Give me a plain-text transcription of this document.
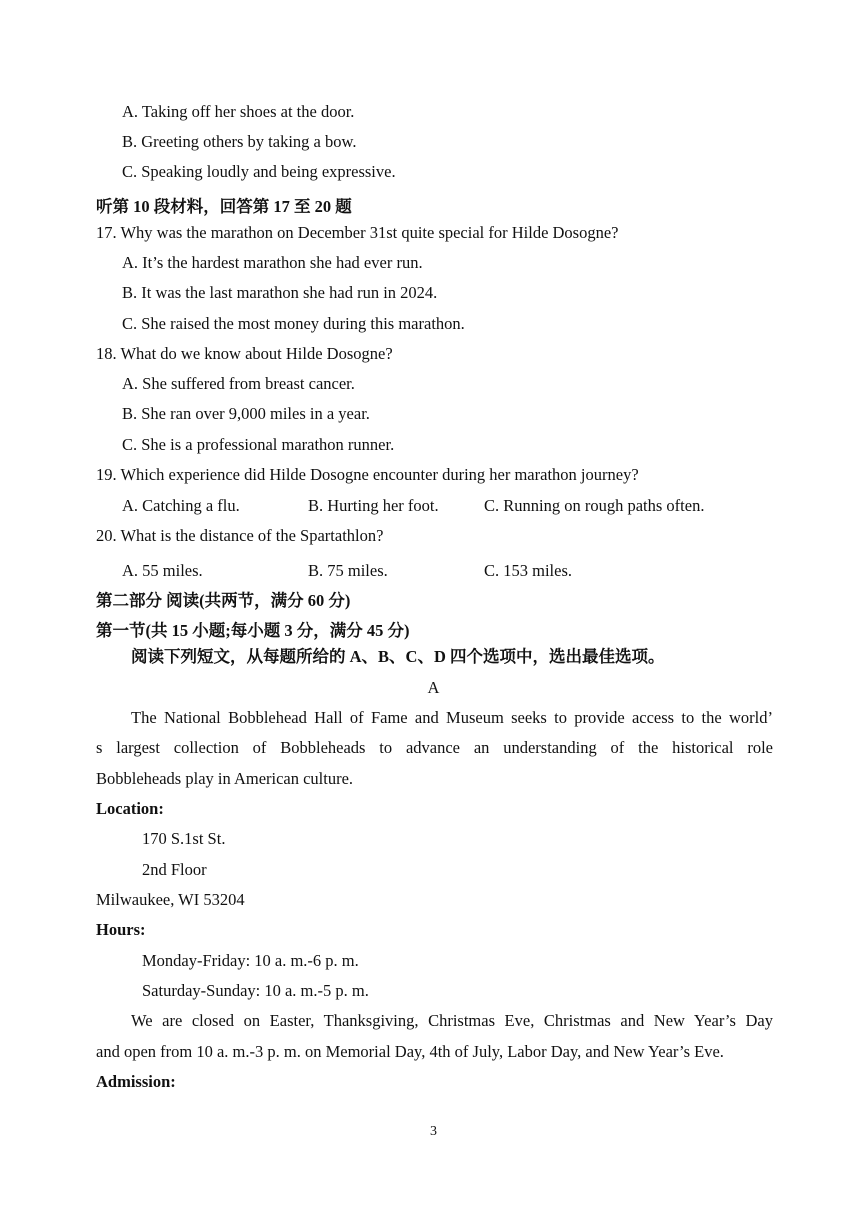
A. Taking off her shoes at the door.
B. Greeting others by taking a bow.
C. Speaking loudly and being expressive.
听第 10 段材料，回答第 17 至 20 题
17. Why was the marathon on December 31st quite special for Hilde Dosogne?
A. It’s the hardest marathon she had ever run.
B. It was the last marathon she had run in 2024.
C. She raised the most money during this marathon.
18. What do we know about Hilde Dosogne?
A. She suffered from breast cancer.
B. She ran over 9,000 miles in a year.
C. She is a professional marathon runner.
19. Which experience did Hilde Dosogne encounter during her marathon journey?
A. Catching a flu.	B. Hurting her foot.	C. Running on rough paths often.
20. What is the distance of the Spartathlon?
A. 55 miles.	B. 75 miles.	C. 153 miles.
第二部分 阅读(共两节，满分 60 分)
第一节(共 15 小题;每小题 3 分，满分 45 分)
阅读下列短文，从每题所给的 A、B、C、D 四个选项中，选出最佳选项。
A
The National Bobblehead Hall of Fame and Museum seeks to provide access to the world’
s largest collection of Bobbleheads to advance an understanding of the historical role
Bobbleheads play in American culture.
Location:
170 S.1st St.
2nd Floor
Milwaukee, WI 53204
Hours:
Monday-Friday: 10 a. m.-6 p. m.
Saturday-Sunday: 10 a. m.-5 p. m.
We are closed on Easter, Thanksgiving, Christmas Eve, Christmas and New Year’s Day
and open from 10 a. m.-3 p. m. on Memorial Day, 4th of July, Labor Day, and New Year’s Eve.
Admission:
3
